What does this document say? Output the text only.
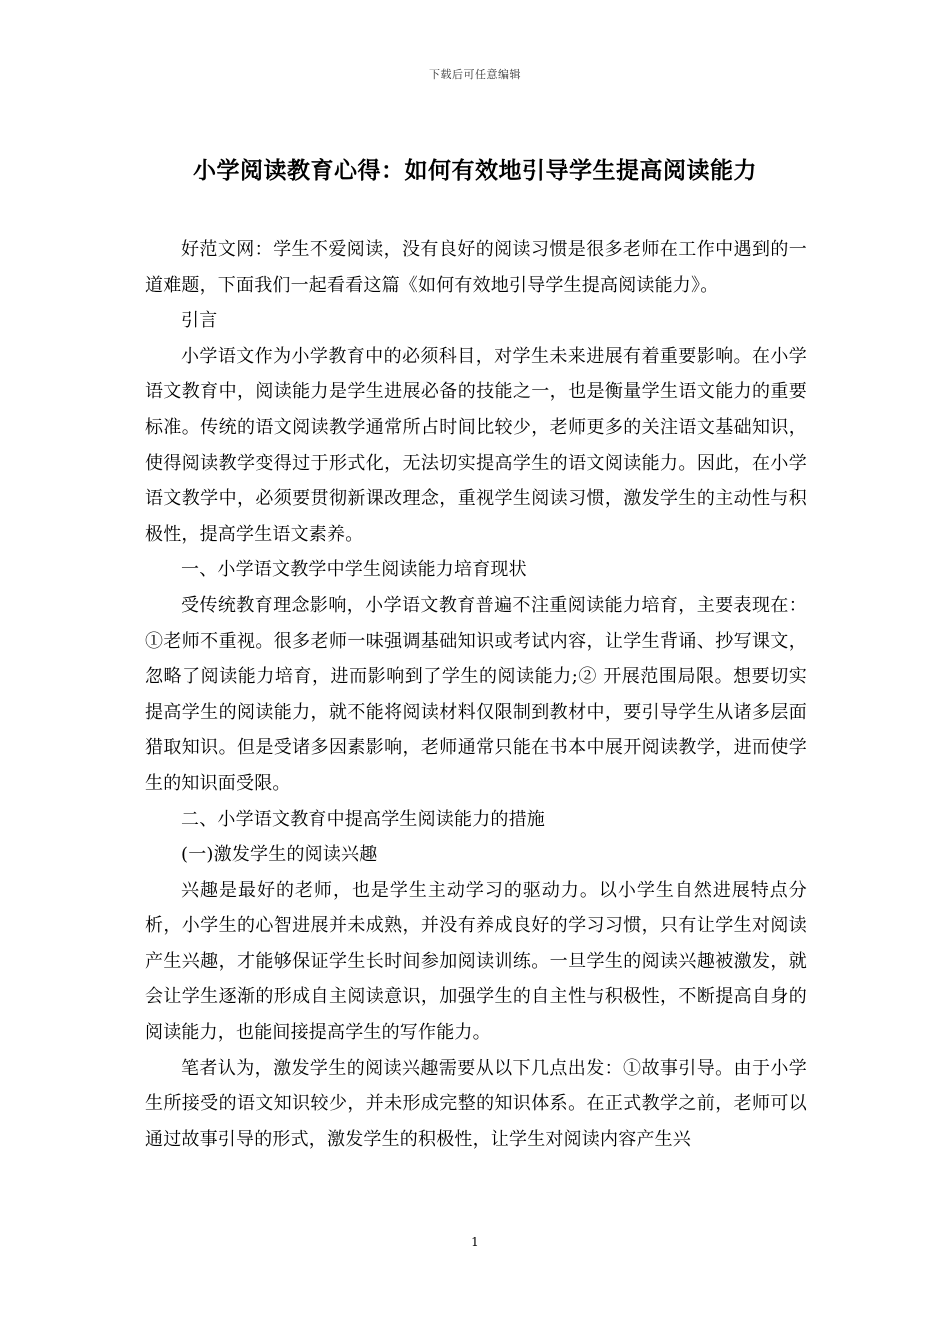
下载后可任意编辑
小学阅读教育心得：如何有效地引导学生提高阅读能力

好范文网：学生不爱阅读，没有良好的阅读习惯是很多老师在工作中遇到的一道难题，下面我们一起看看这篇《如何有效地引导学生提高阅读能力》。

引言

小学语文作为小学教育中的必须科目，对学生未来进展有着重要影响。在小学语文教育中，阅读能力是学生进展必备的技能之一，也是衡量学生语文能力的重要标准。传统的语文阅读教学通常所占时间比较少，老师更多的关注语文基础知识，使得阅读教学变得过于形式化，无法切实提高学生的语文阅读能力。因此，在小学语文教学中，必须要贯彻新课改理念，重视学生阅读习惯，激发学生的主动性与积极性，提高学生语文素养。

一、小学语文教学中学生阅读能力培育现状

受传统教育理念影响，小学语文教育普遍不注重阅读能力培育，主要表现在：①老师不重视。很多老师一味强调基础知识或考试内容，让学生背诵、抄写课文，忽略了阅读能力培育，进而影响到了学生的阅读能力;② 开展范围局限。想要切实提高学生的阅读能力，就不能将阅读材料仅限制到教材中，要引导学生从诸多层面猎取知识。但是受诸多因素影响，老师通常只能在书本中展开阅读教学，进而使学生的知识面受限。

二、小学语文教育中提高学生阅读能力的措施

(一)激发学生的阅读兴趣

兴趣是最好的老师，也是学生主动学习的驱动力。以小学生自然进展特点分析，小学生的心智进展并未成熟，并没有养成良好的学习习惯，只有让学生对阅读产生兴趣，才能够保证学生长时间参加阅读训练。一旦学生的阅读兴趣被激发，就会让学生逐渐的形成自主阅读意识，加强学生的自主性与积极性，不断提高自身的阅读能力，也能间接提高学生的写作能力。

笔者认为，激发学生的阅读兴趣需要从以下几点出发：①故事引导。由于小学生所接受的语文知识较少，并未形成完整的知识体系。在正式教学之前，老师可以通过故事引导的形式，激发学生的积极性，让学生对阅读内容产生兴

1
